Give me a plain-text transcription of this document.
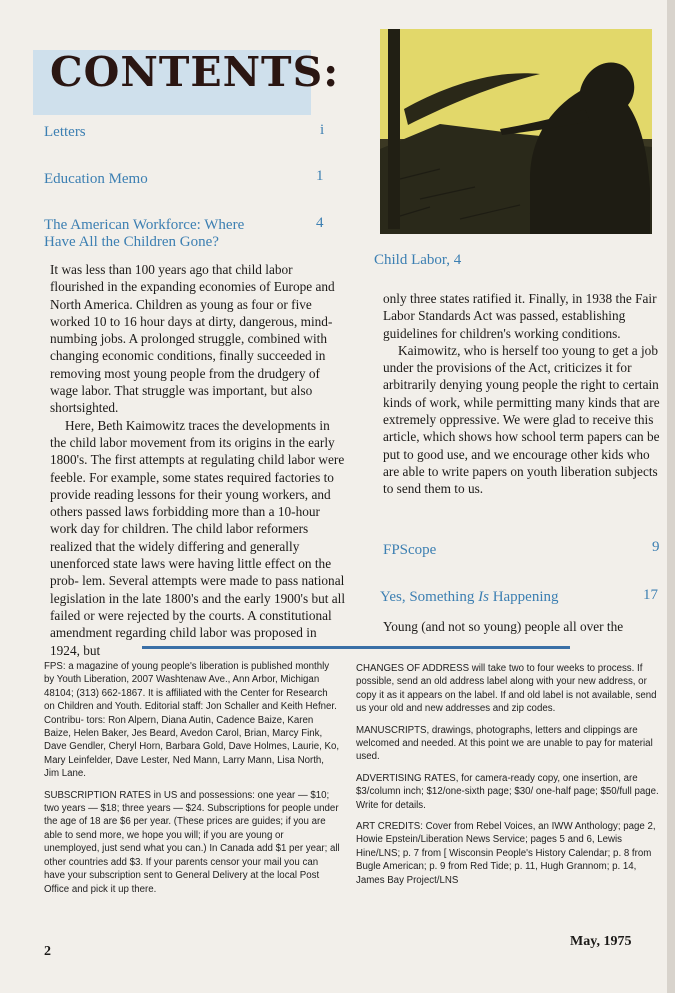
CONTENTS:
Letters	i
Education Memo	1
The American Workforce: Where
Have All the Children Gone?
4

It was less than 100 years ago that child labor flourished in the expanding economies of Europe and North America. Children as young as four or five worked 10 to 16 hour days at dirty, dangerous, mind-numbing jobs. A prolonged struggle, combined with changing economic conditions, finally succeeded in removing most young people from the drudgery of wage labor. That struggle was important, but also shortsighted.

Here, Beth Kaimowitz traces the developments in the child labor movement from its origins in the early 1800's. The first attempts at regulating child labor were feeble. For example, some states required factories to provide reading lessons for their young workers, and others passed laws forbidding more than a 10-hour work day for children. The child labor reformers realized that the widely differing and generally unenforced state laws were having little effect on the prob- lem. Several attempts were made to pass national legislation in the late 1800's and the early 1900's but all failed or were rejected by the courts. A constitutional amendment regarding child labor was proposed in 1924, but

Child Labor, 4

only three states ratified it. Finally, in 1938 the Fair Labor Standards Act was passed, establishing guidelines for children's working conditions.

Kaimowitz, who is herself too young to get a job under the provisions of the Act, criticizes it for arbitrarily denying young people the right to certain kinds of work, while permitting many kinds that are extremely oppressive. We were glad to receive this article, which shows how school term papers can be put to good use, and we encourage other kids who are able to write papers on youth liberation subjects to send them to us.

FPScope	9
Yes, Something Is Happening	17
Young (and not so young) people all over the

FPS: a magazine of young people's liberation is published monthly by Youth Liberation, 2007 Washtenaw Ave., Ann Arbor, Michigan 48104; (313) 662-1867. It is affiliated with the Center for Research on Children and Youth. Editorial staff: Jon Schaller and Keith Hefner. Contribu- tors: Ron Alpern, Diana Autin, Cadence Baize, Karen Baize, Helen Baker, Jes Beard, Avedon Carol, Brian, Marcy Fink, Dave Gendler, Cheryl Horn, Barbara Gold, Dave Holmes, Laurie, Ko, Mary Leinfelder, Dave Lester, Ned Mann, Larry Mann, Lisa North, Jim Lane.

SUBSCRIPTION RATES in US and possessions: one year — $10; two years — $18; three years — $24. Subscriptions for people under the age of 18 are $6 per year. (These prices are guides; if you are able to send more, we hope you will; if you are young or unemployed, just send what you can.) In Canada add $1 per year; all other countries add $3. If your parents censor your mail you can have your subscription sent to General Delivery at the local Post Office and pick it up there.

CHANGES OF ADDRESS will take two to four weeks to process. If possible, send an old address label along with your new address, or copy it as it appears on the label. If and old label is not available, send us your old and new addresses and zip codes.

MANUSCRIPTS, drawings, photographs, letters and clippings are welcomed and needed. At this point we are unable to pay for material used.

ADVERTISING RATES, for camera-ready copy, one insertion, are $3/column inch; $12/one-sixth page; $30/ one-half page; $50/full page. Write for details.

ART CREDITS: Cover from Rebel Voices, an IWW Anthology; page 2, Howie Epstein/Liberation News Service; pages 5 and 6, Lewis Hine/LNS; p. 7 from [ Wisconsin People's History Calendar; p. 8 from Bugle American; p. 9 from Red Tide; p. 11, Hugh Grannom; p. 14, James Bay Project/LNS

2
May, 1975
